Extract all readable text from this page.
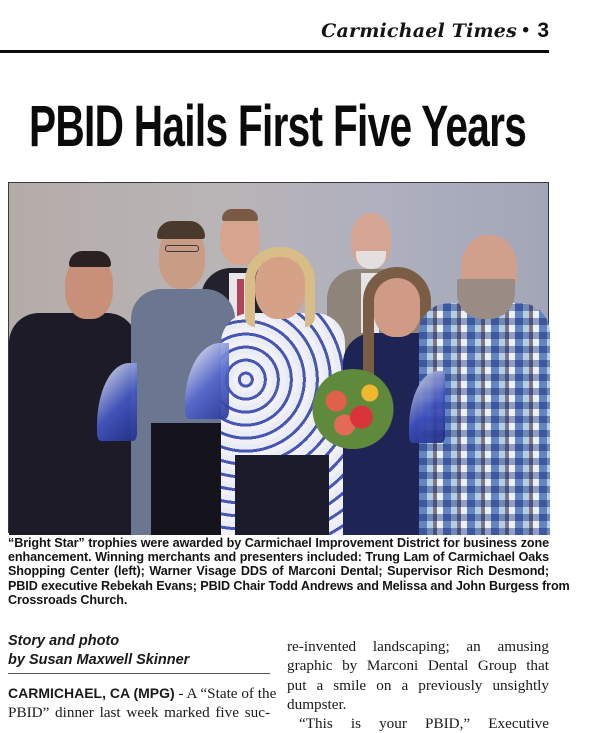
Carmichael Times • 3
PBID Hails First Five Years
“Bright Star” trophies were awarded by Carmichael Improvement District for business zone
enhancement. Winning merchants and presenters included: Trung Lam of Carmichael Oaks
Shopping Center (left); Warner Visage DDS of Marconi Dental; Supervisor Rich Desmond;
PBID executive Rebekah Evans; PBID Chair Todd Andrews and Melissa and John Burgess from
Crossroads Church.
Story and photo
by Susan Maxwell Skinner
CARMICHAEL, CA (MPG) - A “State of the
PBID” dinner last week marked five suc-
re-invented landscaping; an amusing
graphic by Marconi Dental Group that
put a smile on a previously unsightly
dumpster.
“This is your PBID,” Executive
